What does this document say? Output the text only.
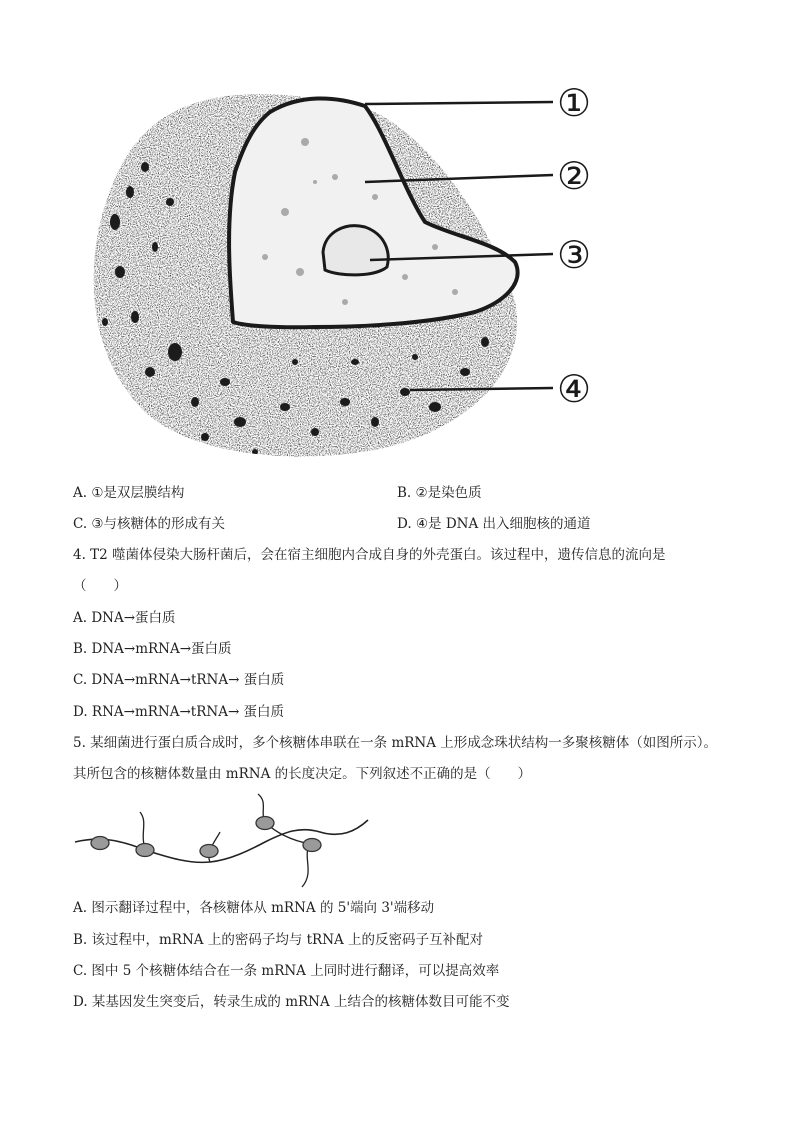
①
②
③
④
A. ①是双层膜结构	B. ②是染色质
C. ③与核糖体的形成有关	D. ④是 DNA 出入细胞核的通道
4. T2 噬菌体侵染大肠杆菌后，会在宿主细胞内合成自身的外壳蛋白。该过程中，遗传信息的流向是
（　　）
A. DNA→蛋白质
B. DNA→mRNA→蛋白质
C. DNA→mRNA→tRNA→ 蛋白质
D. RNA→mRNA→tRNA→ 蛋白质
5. 某细菌进行蛋白质合成时，多个核糖体串联在一条 mRNA 上形成念珠状结构一多聚核糖体（如图所示）。
其所包含的核糖体数量由 mRNA 的长度决定。下列叙述不正确的是（　　）
A. 图示翻译过程中，各核糖体从 mRNA 的 5'端向 3'端移动
B. 该过程中，mRNA 上的密码子均与 tRNA 上的反密码子互补配对
C. 图中 5 个核糖体结合在一条 mRNA 上同时进行翻译，可以提高效率
D. 某基因发生突变后，转录生成的 mRNA 上结合的核糖体数目可能不变
